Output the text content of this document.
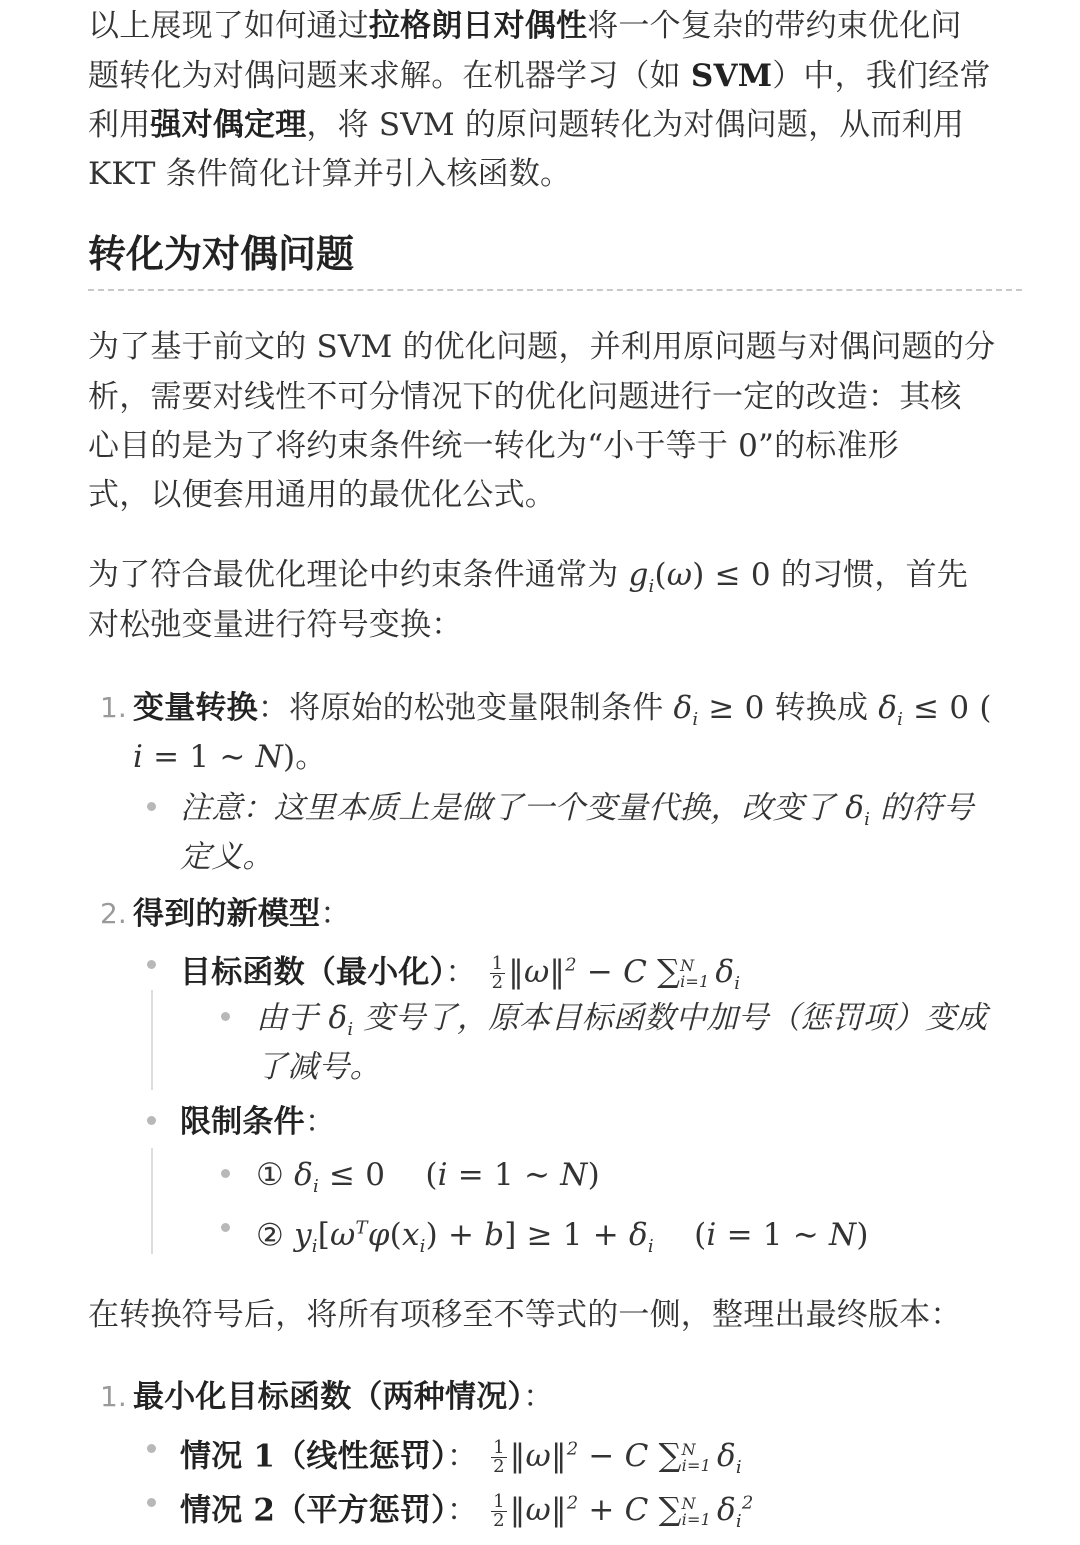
以上展现了如何通过拉格朗日对偶性将一个复杂的带约束优化问
题转化为对偶问题来求解。在机器学习（如 SVM）中，我们经常
利用强对偶定理，将 SVM 的原问题转化为对偶问题，从而利用
KKT 条件简化计算并引入核函数。
转化为对偶问题
为了基于前文的 SVM 的优化问题，并利用原问题与对偶问题的分
析，需要对线性不可分情况下的优化问题进行一定的改造：其核
心目的是为了将约束条件统一转化为“小于等于 0”的标准形
式，以便套用通用的最优化公式。
为了符合最优化理论中约束条件通常为 $g_i(\omega) \le 0$ 的习惯，首先
对松弛变量进行符号变换：
1. 变量转换：将原始的松弛变量限制条件 $\delta_i \ge 0$ 转换成 $\delta_i \le 0$ (
i = 1 ∼ N)。
注意：这里本质上是做了一个变量代换，改变了 $\delta_i$ 的符号
定义。
2. 得到的新模型：
目标函数（最小化）： $\frac{1}{2}$ ‖ω‖$^2$ − C ∑ N
i=1 $\delta_i$
由于 $\delta_i$ 变号了，原本目标函数中加号（惩罚项）变成
了减号。
限制条件：
① $\delta_i \le 0$    (i = 1 ∼ N)
② $y_i[\omega^T\varphi(x_i) + b] \ge 1 + \delta_i$    (i = 1 ∼ N)
在转换符号后，将所有项移至不等式的一侧，整理出最终版本：
1. 最小化目标函数（两种情况）：
情况 1（线性惩罚）： $\frac{1}{2}$ ‖ω‖$^2$ − C ∑ N
i=1 $\delta_i$
情况 2（平方惩罚）： $\frac{1}{2}$ ‖ω‖$^2$ + C ∑ N
i=1 $\delta_i^2$
